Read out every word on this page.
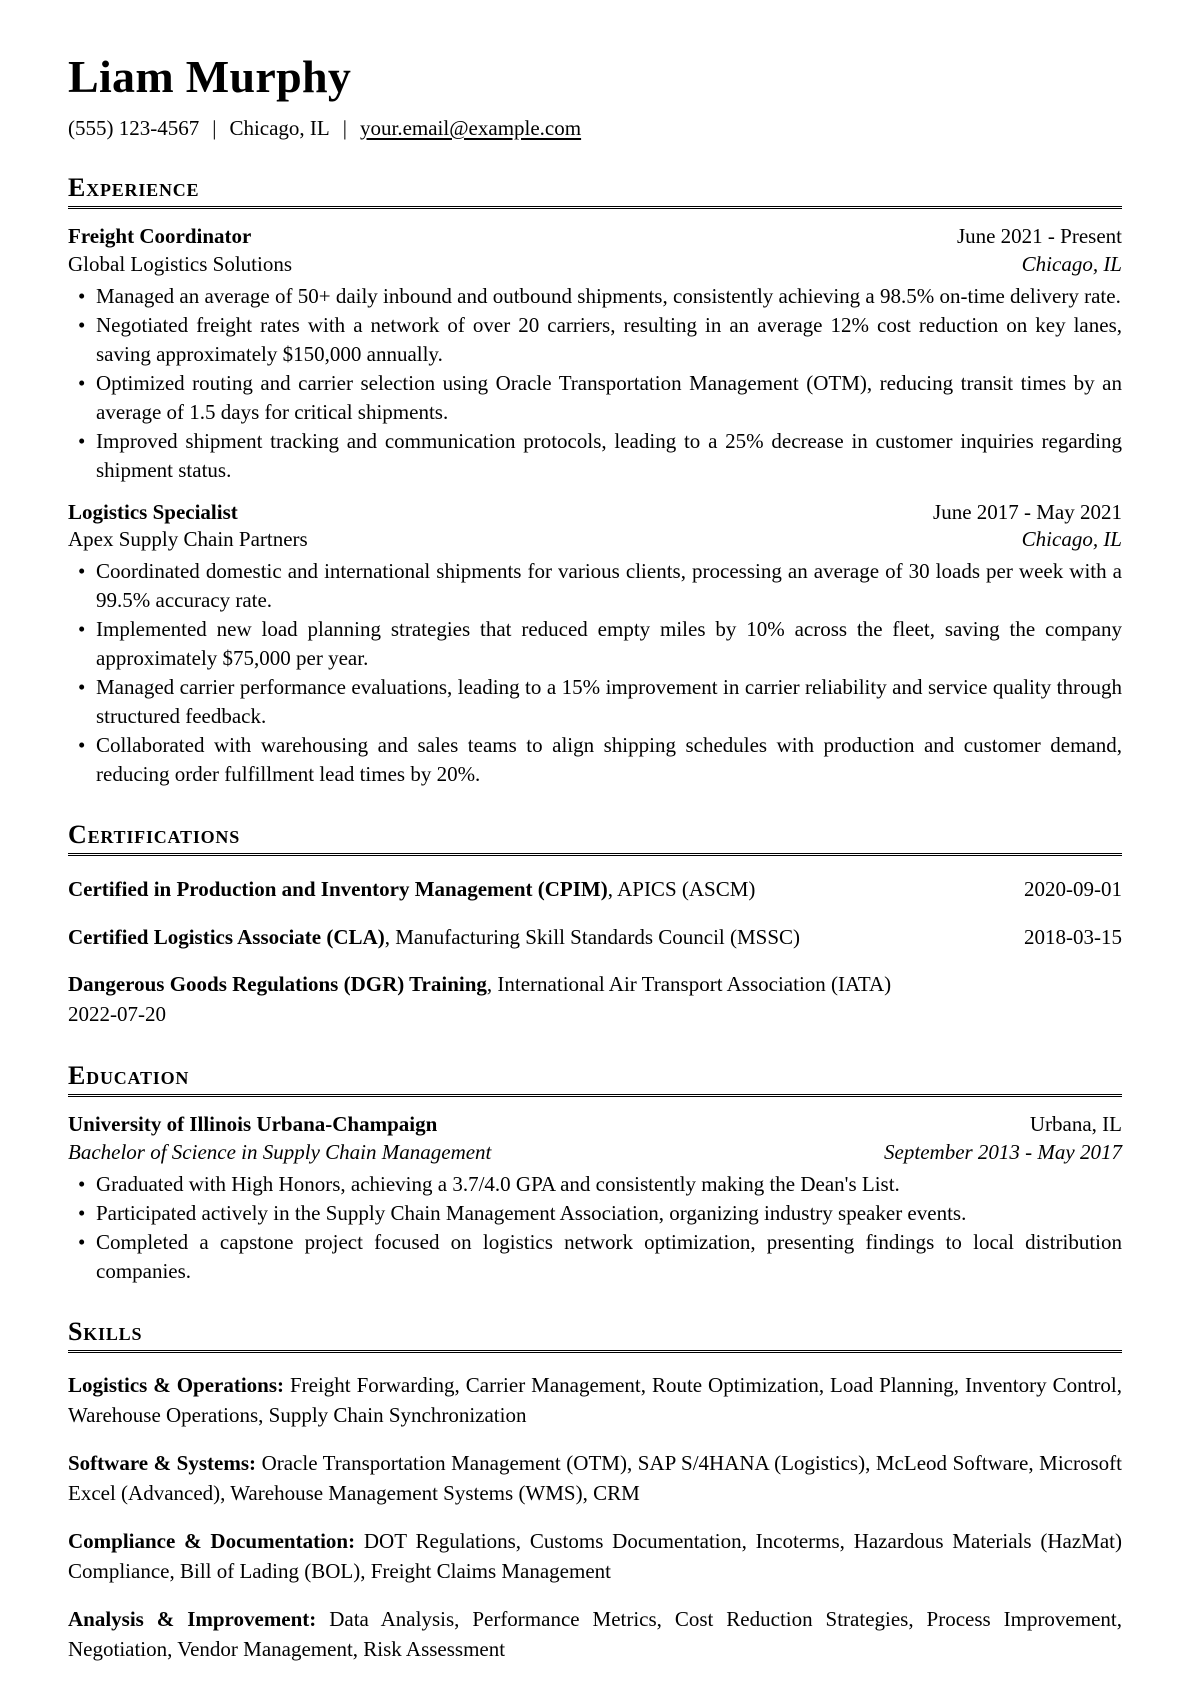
Liam Murphy
(555) 123-4567 | Chicago, IL | your.email@example.com
Experience
Freight Coordinator	June 2021 - Present
Global Logistics Solutions	Chicago, IL
• Managed an average of 50+ daily inbound and outbound shipments, consistently achieving a 98.5% on-time delivery rate.
• Negotiated freight rates with a network of over 20 carriers, resulting in an average 12% cost reduction on key lanes, saving approximately $150,000 annually.
• Optimized routing and carrier selection using Oracle Transportation Management (OTM), reducing transit times by an average of 1.5 days for critical shipments.
• Improved shipment tracking and communication protocols, leading to a 25% decrease in customer inquiries regarding shipment status.
Logistics Specialist	June 2017 - May 2021
Apex Supply Chain Partners	Chicago, IL
• Coordinated domestic and international shipments for various clients, processing an average of 30 loads per week with a 99.5% accuracy rate.
• Implemented new load planning strategies that reduced empty miles by 10% across the fleet, saving the company approximately $75,000 per year.
• Managed carrier performance evaluations, leading to a 15% improvement in carrier reliability and service quality through structured feedback.
• Collaborated with warehousing and sales teams to align shipping schedules with production and customer demand, reducing order fulfillment lead times by 20%.
Certifications
Certified in Production and Inventory Management (CPIM), APICS (ASCM)	2020-09-01
Certified Logistics Associate (CLA), Manufacturing Skill Standards Council (MSSC)	2018-03-15
Dangerous Goods Regulations (DGR) Training, International Air Transport Association (IATA)
2022-07-20
Education
University of Illinois Urbana-Champaign	Urbana, IL
Bachelor of Science in Supply Chain Management	September 2013 - May 2017
• Graduated with High Honors, achieving a 3.7/4.0 GPA and consistently making the Dean's List.
• Participated actively in the Supply Chain Management Association, organizing industry speaker events.
• Completed a capstone project focused on logistics network optimization, presenting findings to local distribution companies.
Skills

Logistics & Operations: Freight Forwarding, Carrier Management, Route Optimization, Load Planning, Inventory Control, Warehouse Operations, Supply Chain Synchronization

Software & Systems: Oracle Transportation Management (OTM), SAP S/4HANA (Logistics), McLeod Software, Microsoft Excel (Advanced), Warehouse Management Systems (WMS), CRM

Compliance & Documentation: DOT Regulations, Customs Documentation, Incoterms, Hazardous Materials (HazMat) Compliance, Bill of Lading (BOL), Freight Claims Management

Analysis & Improvement: Data Analysis, Performance Metrics, Cost Reduction Strategies, Process Improvement, Negotiation, Vendor Management, Risk Assessment
